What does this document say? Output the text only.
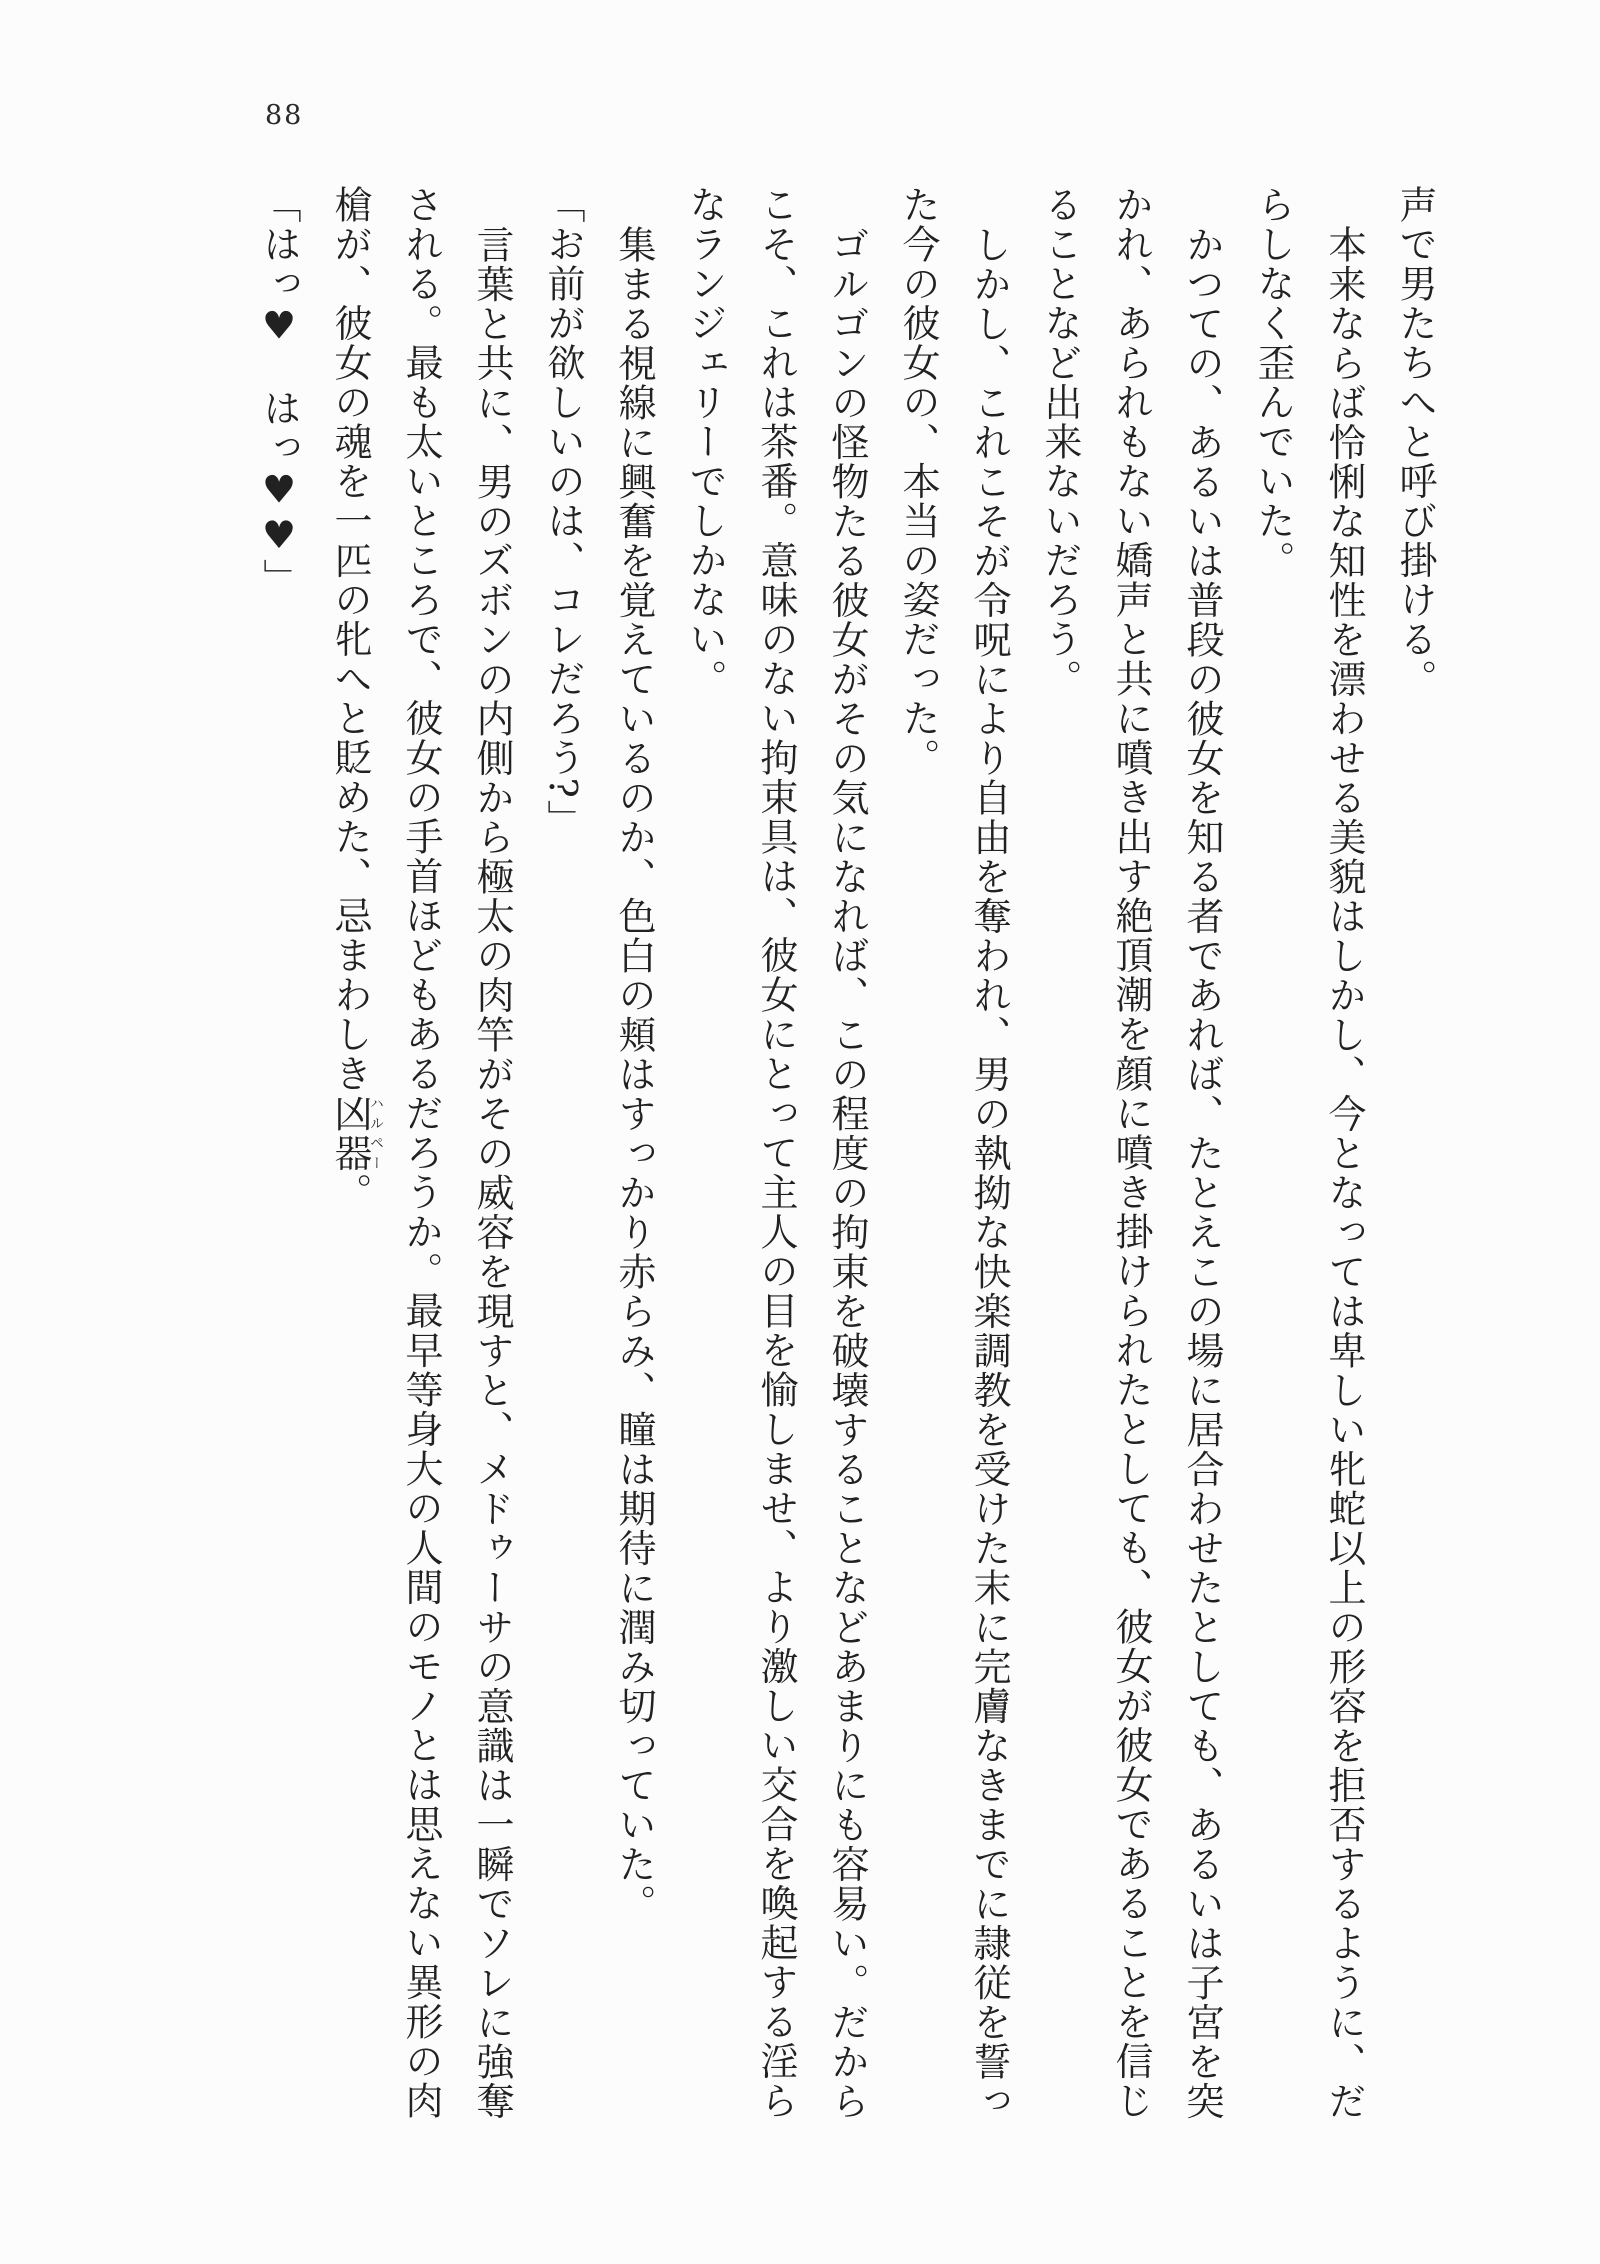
88

声で男たちへと呼び掛ける。

本来ならば怜悧な知性を漂わせる美貌はしかし、今となっては卑しい牝蛇以上の形容を拒否するように、だ

らしなく歪んでいた。

かつての、あるいは普段の彼女を知る者であれば、たとえこの場に居合わせたとしても、あるいは子宮を突

かれ、あられもない嬌声と共に噴き出す絶頂潮を顔に噴き掛けられたとしても、彼女が彼女であることを信じ

ることなど出来ないだろう。

しかし、これこそが令呪により自由を奪われ、男の執拗な快楽調教を受けた末に完膚なきまでに隷従を誓っ

た今の彼女の、本当の姿だった。

ゴルゴンの怪物たる彼女がその気になれば、この程度の拘束を破壊することなどあまりにも容易い。だから

こそ、これは茶番。意味のない拘束具は、彼女にとって主人の目を愉しませ、より激しい交合を喚起する淫ら

なランジェリーでしかない。

集まる視線に興奮を覚えているのか、色白の頬はすっかり赤らみ、瞳は期待に潤み切っていた。

「お前が欲しいのは、コレだろう?」

言葉と共に、男のズボンの内側から極太の肉竿がその威容を現すと、メドゥーサの意識は一瞬でソレに強奪

される。最も太いところで、彼女の手首ほどもあるだろうか。最早等身大の人間のモノとは思えない異形の肉

槍が、彼女の魂を一匹の牝へと貶めた、忌まわしき凶器ハルペー。

「はっ♥　はっ♥♥」
